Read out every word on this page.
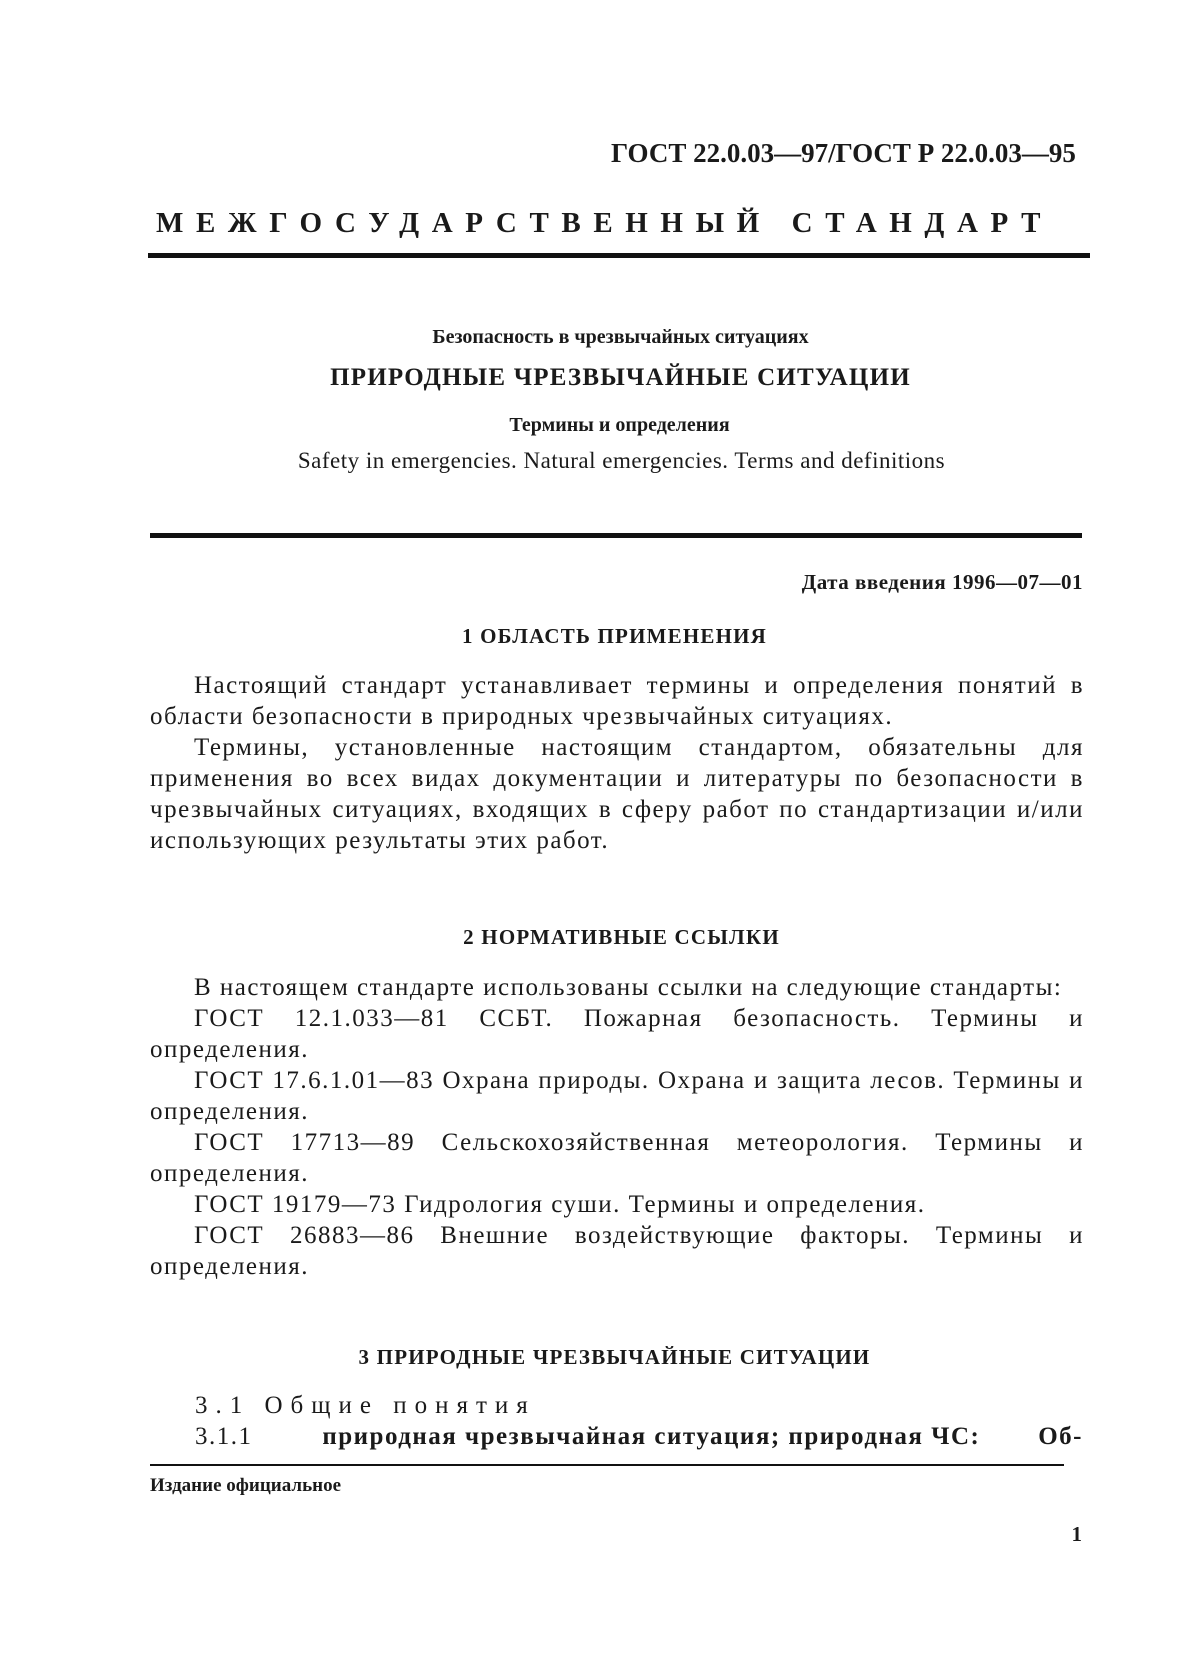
ГОСТ 22.0.03—97/ГОСТ Р 22.0.03—95
МЕЖГОСУДАРСТВЕННЫЙ СТАНДАРТ
Безопасность в чрезвычайных ситуациях
ПРИРОДНЫЕ ЧРЕЗВЫЧАЙНЫЕ СИТУАЦИИ
Термины и определения
Safety in emergencies. Natural emergencies. Terms and definitions
Дата введения 1996—07—01
1 ОБЛАСТЬ ПРИМЕНЕНИЯ

Настоящий стандарт устанавливает термины и определения понятий в области безопасности в природных чрезвычайных ситуациях.

Термины, установленные настоящим стандартом, обязательны для применения во всех видах документации и литературы по безопасности в чрезвычайных ситуациях, входящих в сферу работ по стандартизации и/или использующих результаты этих работ.

2 НОРМАТИВНЫЕ ССЫЛКИ

В настоящем стандарте использованы ссылки на следующие стандарты:

ГОСТ 12.1.033—81 ССБТ. Пожарная безопасность. Термины и определения.

ГОСТ 17.6.1.01—83 Охрана природы. Охрана и защита лесов. Термины и определения.

ГОСТ 17713—89 Сельскохозяйственная метеорология. Термины и определения.

ГОСТ 19179—73 Гидрология суши. Термины и определения.

ГОСТ 26883—86 Внешние воздействующие факторы. Термины и определения.

3 ПРИРОДНЫЕ ЧРЕЗВЫЧАЙНЫЕ СИТУАЦИИ
3.1 Общие понятия
3.1.1	природная чрезвычайная ситуация; природная ЧС: Об-
Издание официальное
1
